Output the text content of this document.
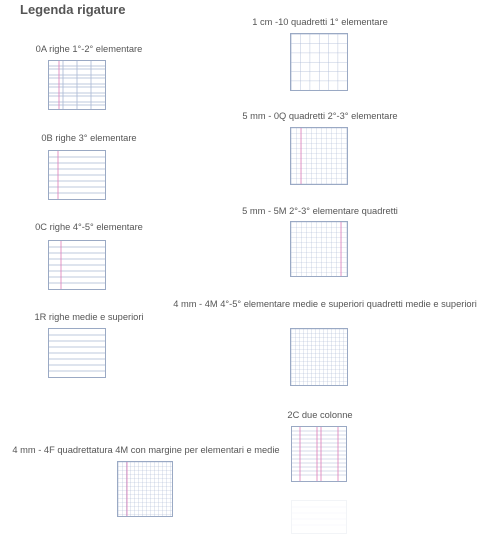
Legenda rigature
0A righe 1°-2° elementare
0B righe 3° elementare
0C righe 4°-5° elementare
1R righe medie e superiori
4 mm - 4F quadrettatura 4M con margine per elementari e medie
1 cm -10 quadretti 1° elementare
5 mm - 0Q quadretti 2°-3° elementare
5 mm - 5M 2°-3° elementare quadretti
4 mm - 4M 4°-5° elementare medie e superiori quadretti medie e superiori
2C due colonne
